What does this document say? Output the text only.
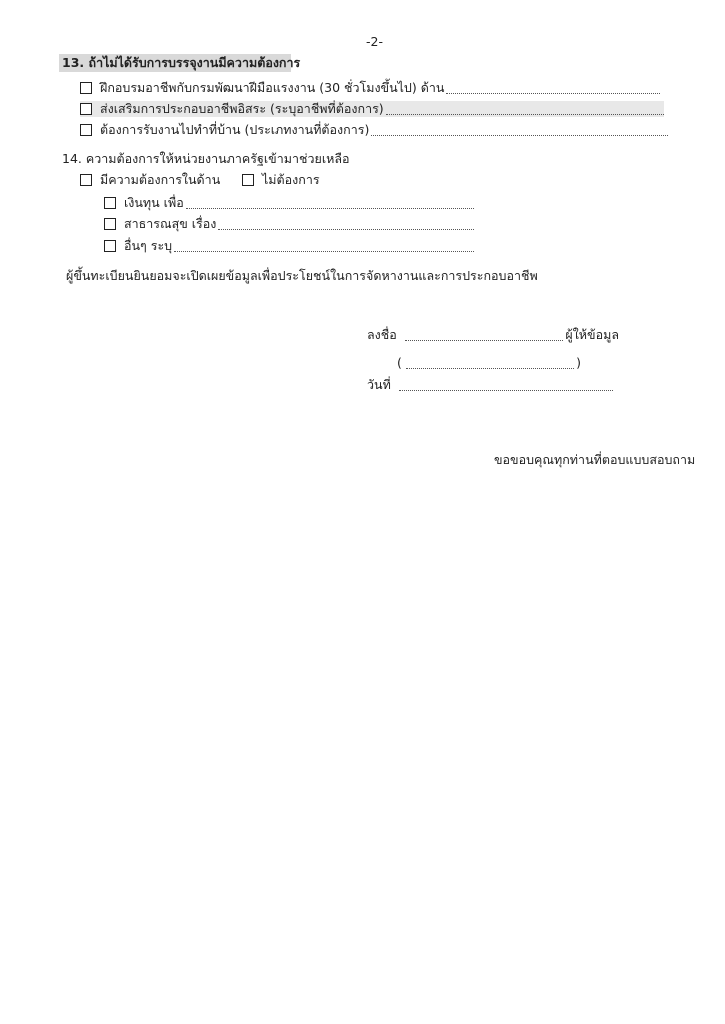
-2-
13. ถ้าไม่ได้รับการบรรจุงานมีความต้องการ
ฝึกอบรมอาชีพกับกรมพัฒนาฝีมือแรงงาน (30 ชั่วโมงขึ้นไป) ด้าน
ส่งเสริมการประกอบอาชีพอิสระ (ระบุอาชีพที่ต้องการ)
ต้องการรับงานไปทำที่บ้าน (ประเภทงานที่ต้องการ)
14. ความต้องการให้หน่วยงานภาครัฐเข้ามาช่วยเหลือ
มีความต้องการในด้าน	ไม่ต้องการ
เงินทุน เพื่อ
สาธารณสุข เรื่อง
อื่นๆ ระบุ
ผู้ขึ้นทะเบียนยินยอมจะเปิดเผยข้อมูลเพื่อประโยชน์ในการจัดหางานและการประกอบอาชีพ
ลงชื่อ	ผู้ให้ข้อมูล
(	)
วันที่
ขอขอบคุณทุกท่านที่ตอบแบบสอบถาม
